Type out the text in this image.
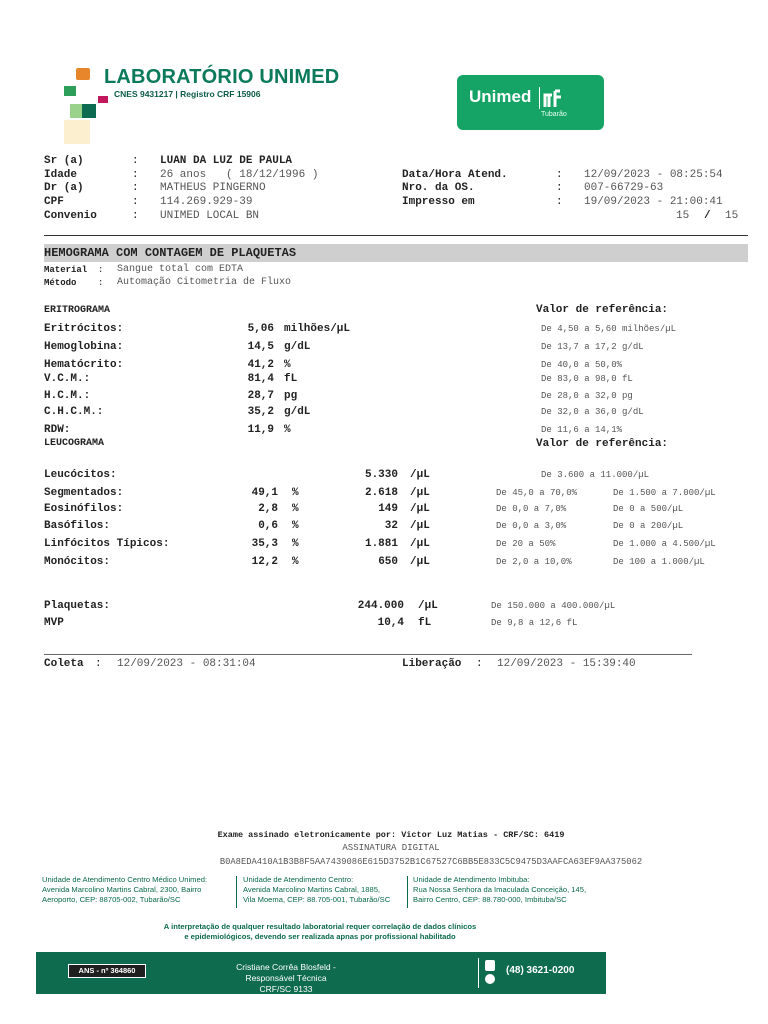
LABORATÓRIO UNIMED
CNES 9431217 | Registro CRF 15906	Unimed
Tubarão
Sr (a)	: LUAN DA LUZ DE PAULA
Idade	: 26 anos   ( 18/12/1996 )
Dr (a)	: MATHEUS PINGERNO
CPF	: 114.269.929-39
Convenio	: UNIMED LOCAL BN
Data/Hora Atend.	: 12/09/2023 - 08:25:54
Nro. da OS.	: 007-66729-63
Impresso em	: 19/09/2023 - 21:00:41
15 / 15
HEMOGRAMA COM CONTAGEM DE PLAQUETAS
Material : Sangue total com EDTA
Método : Automação Citometria de Fluxo
ERITROGRAMA	Valor de referência:
Eritrócitos:	5,06 milhões/µL	De 4,50 a 5,60 milhões/µL
Hemoglobina:	14,5 g/dL	De 13,7 a 17,2 g/dL
Hematócrito:	41,2 %	De 40,0 a 50,0%
V.C.M.:	81,4 fL	De 83,0 a 98,0 fL
H.C.M.:	28,7 pg	De 28,0 a 32,0 pg
C.H.C.M.:	35,2 g/dL	De 32,0 a 36,0 g/dL
RDW:	11,9 %	De 11,6 a 14,1%
LEUCOGRAMA	Valor de referência:
Leucócitos:	5.330 /µL	De 3.600 a 11.000/µL
Segmentados:	49,1 %	2.618 /µL	De 45,0 a 70,0%	De 1.500 a 7.000/µL
Eosinófilos:	2,8 %	149 /µL	De 0,0 a 7,0%	De 0 a 500/µL
Basófilos:	0,6 %	32 /µL	De 0,0 a 3,0%	De 0 a 200/µL
Linfócitos Típicos:	35,3 %	1.881 /µL	De 20 a 50%	De 1.000 a 4.500/µL
Monócitos:	12,2 %	650 /µL	De 2,0 a 10,0%	De 100 a 1.000/µL
Plaquetas:	244.000 /µL	De 150.000 a 400.000/µL
MVP	10,4 fL	De 9,8 a 12,6 fL
Coleta : 12/09/2023 - 08:31:04	Liberação : 12/09/2023 - 15:39:40
Exame assinado eletronicamente por: Victor Luz Matias - CRF/SC: 6419
ASSINATURA DIGITAL
B0A8EDA410A1B3B8F5AA7439086E615D3752B1C67527C6BB5E833C5C9475D3AAFCA63EF9AA375062
Unidade de Atendimento Centro Médico Unimed:
Avenida Marcolino Martins Cabral, 2300, Bairro
Aeroporto, CEP: 88705-002, Tubarão/SC
Unidade de Atendimento Centro:
Avenida Marcolino Martins Cabral, 1885,
Vila Moema, CEP: 88.705-001, Tubarão/SC
Unidade de Atendimento Imbituba:
Rua Nossa Senhora da Imaculada Conceição, 145,
Bairro Centro, CEP: 88.780-000, Imbituba/SC
A interpretação de qualquer resultado laboratorial requer correlação de dados clínicos
e epidemiológicos, devendo ser realizada apnas por profissional habilitado
ANS - nº 364860	Cristiane Corrêa Blosfeld - Responsável Técnica
CRF/SC 9133
(48) 3621-0200
